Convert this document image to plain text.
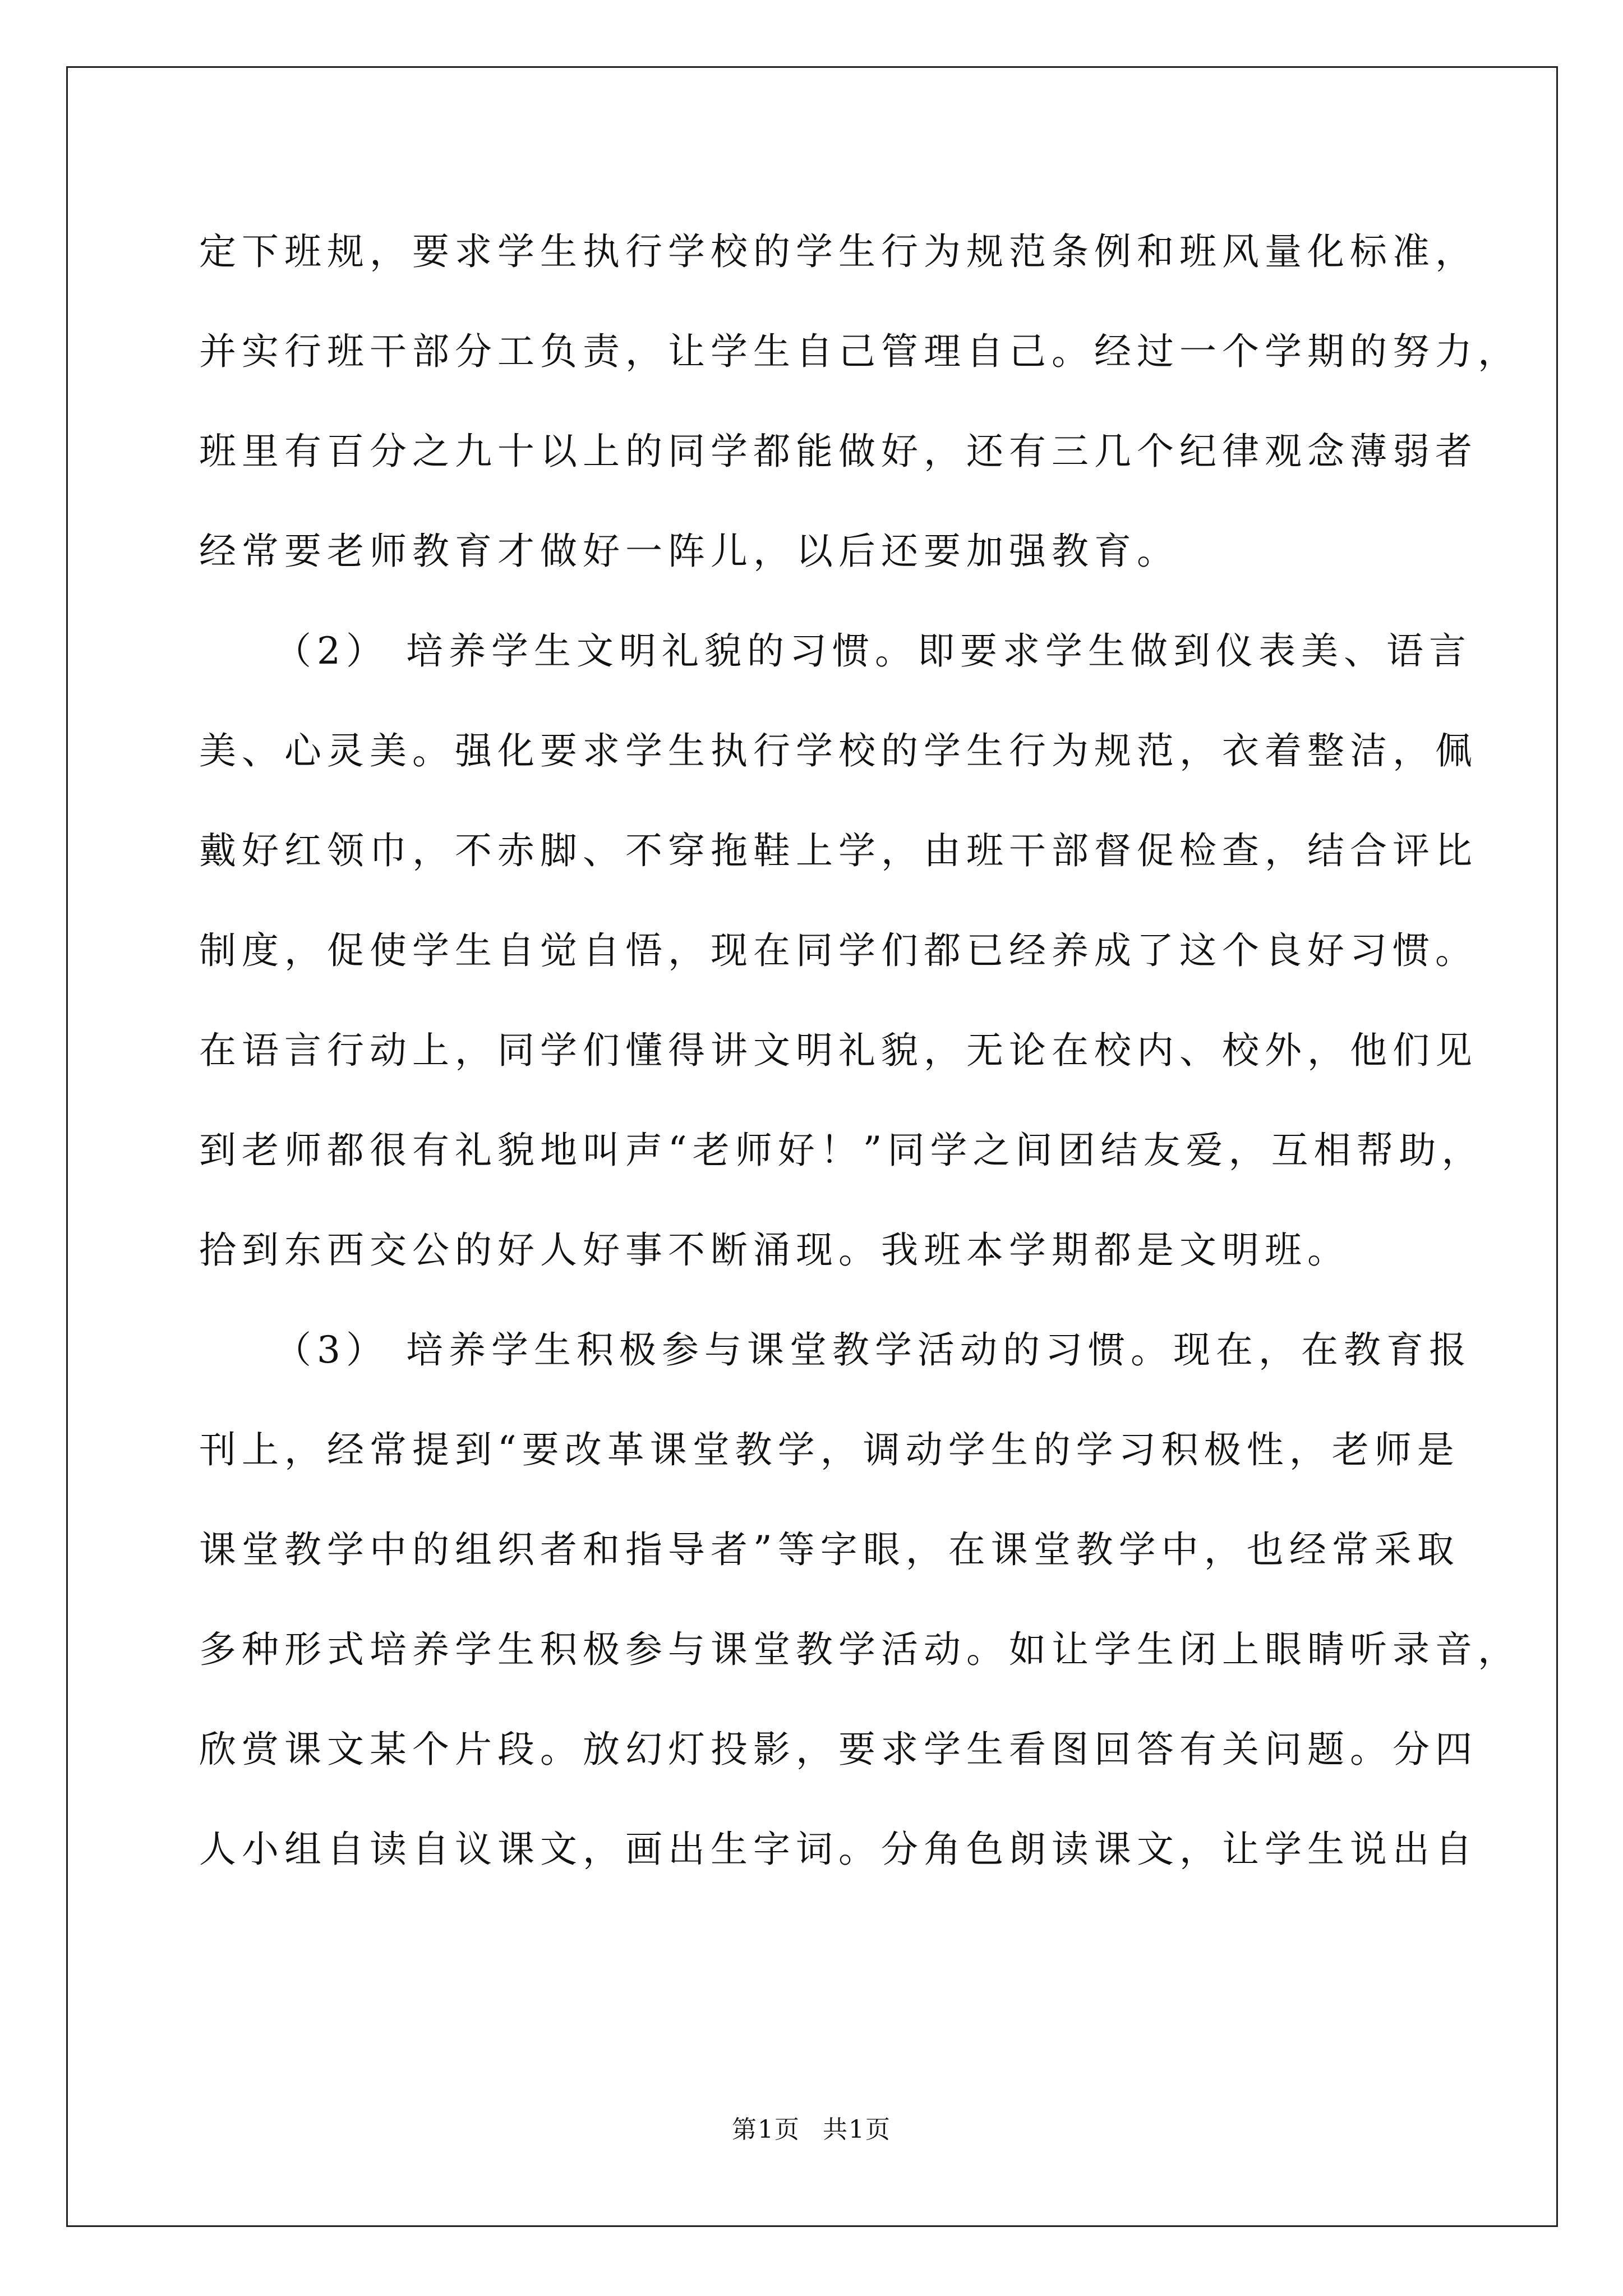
定下班规，要求学生执行学校的学生行为规范条例和班风量化标准，
并实行班干部分工负责，让学生自己管理自己。经过一个学期的努力，
班里有百分之九十以上的同学都能做好，还有三几个纪律观念薄弱者
经常要老师教育才做好一阵儿，以后还要加强教育。
（2） 培养学生文明礼貌的习惯。即要求学生做到仪表美、语言
美、心灵美。强化要求学生执行学校的学生行为规范，衣着整洁，佩
戴好红领巾，不赤脚、不穿拖鞋上学，由班干部督促检查，结合评比
制度，促使学生自觉自悟，现在同学们都已经养成了这个良好习惯。
在语言行动上，同学们懂得讲文明礼貌，无论在校内、校外，他们见
到老师都很有礼貌地叫声“老师好！”同学之间团结友爱，互相帮助，
拾到东西交公的好人好事不断涌现。我班本学期都是文明班。
（3） 培养学生积极参与课堂教学活动的习惯。现在，在教育报
刊上，经常提到“要改革课堂教学，调动学生的学习积极性，老师是
课堂教学中的组织者和指导者”等字眼，在课堂教学中，也经常采取
多种形式培养学生积极参与课堂教学活动。如让学生闭上眼睛听录音，
欣赏课文某个片段。放幻灯投影，要求学生看图回答有关问题。分四
人小组自读自议课文，画出生字词。分角色朗读课文，让学生说出自
第1页 共1页
